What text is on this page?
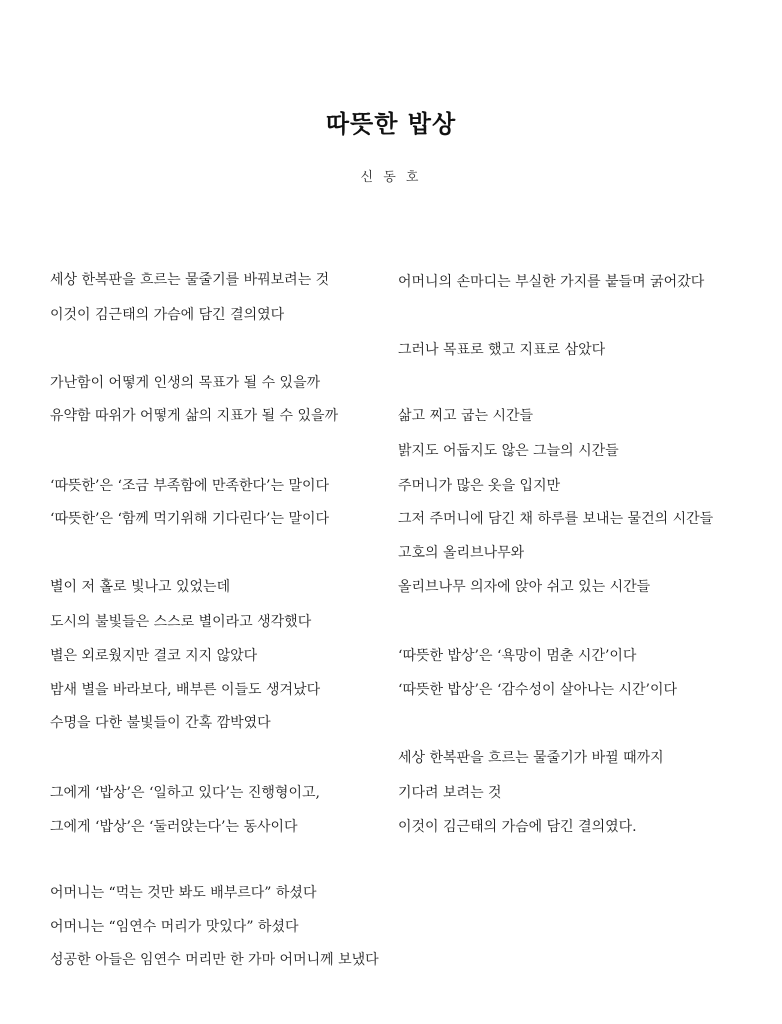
따뜻한 밥상
신 동 호
세상 한복판을 흐르는 물줄기를 바꿔보려는 것
이것이 김근태의 가슴에 담긴 결의였다
가난함이 어떻게 인생의 목표가 될 수 있을까
유약함 따위가 어떻게 삶의 지표가 될 수 있을까
‘따뜻한’은 ‘조금 부족함에 만족한다’는 말이다
‘따뜻한’은 ‘함께 먹기위해 기다린다’는 말이다
별이 저 홀로 빛나고 있었는데
도시의 불빛들은 스스로 별이라고 생각했다
별은 외로웠지만 결코 지지 않았다
밤새 별을 바라보다, 배부른 이들도 생겨났다
수명을 다한 불빛들이 간혹 깜박였다
그에게 ‘밥상’은 ‘일하고 있다’는 진행형이고,
그에게 ‘밥상’은 ‘둘러앉는다’는 동사이다
어머니는 “먹는 것만 봐도 배부르다” 하셨다
어머니는 “임연수 머리가 맛있다” 하셨다
성공한 아들은 임연수 머리만 한 가마 어머니께 보냈다
어머니의 손마디는 부실한 가지를 붙들며 굵어갔다
그러나 목표로 했고 지표로 삼았다
삶고 찌고 굽는 시간들
밝지도 어둡지도 않은 그늘의 시간들
주머니가 많은 옷을 입지만
그저 주머니에 담긴 채 하루를 보내는 물건의 시간들
고호의 올리브나무와
올리브나무 의자에 앉아 쉬고 있는 시간들
‘따뜻한 밥상’은 ‘욕망이 멈춘 시간’이다
‘따뜻한 밥상’은 ‘감수성이 살아나는 시간’이다
세상 한복판을 흐르는 물줄기가 바뀔 때까지
기다려 보려는 것
이것이 김근태의 가슴에 담긴 결의였다.
